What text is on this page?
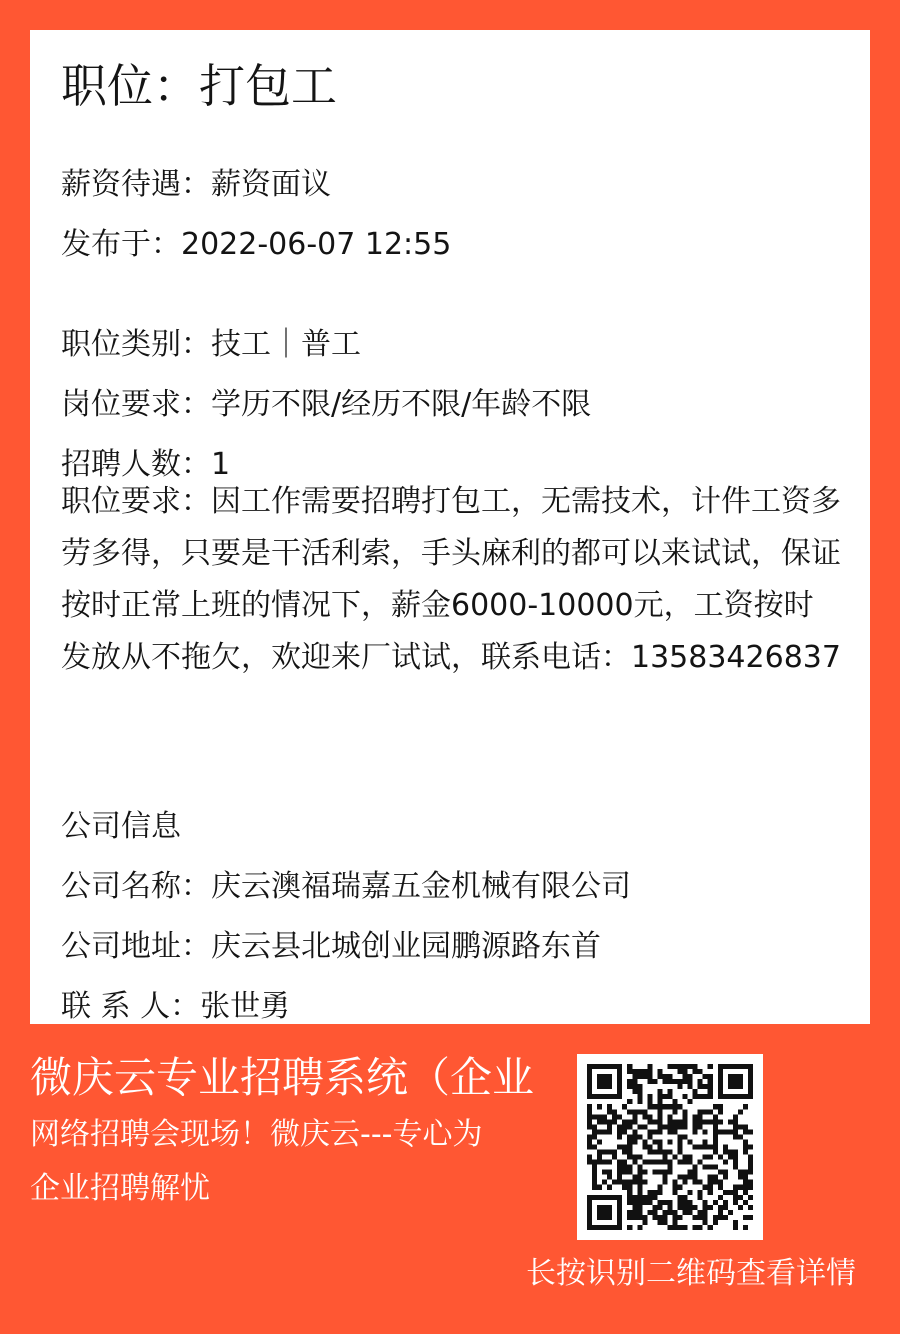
职位：打包工
薪资待遇：薪资面议
发布于：2022-06-07 12:55
职位类别：技工｜普工
岗位要求：学历不限/经历不限/年龄不限
招聘人数：1
职位要求：因工作需要招聘打包工，无需技术，计件工资多劳多得，只要是干活利索，手头麻利的都可以来试试，保证按时正常上班的情况下，薪金6000-10000元，工资按时发放从不拖欠，欢迎来厂试试，联系电话：13583426837
公司信息
公司名称：庆云澳福瑞嘉五金机械有限公司
公司地址：庆云县北城创业园鹏源路东首
联 系 人：张世勇
微庆云专业招聘系统（企业
网络招聘会现场！微庆云---专心为企业招聘解忧
长按识别二维码查看详情
